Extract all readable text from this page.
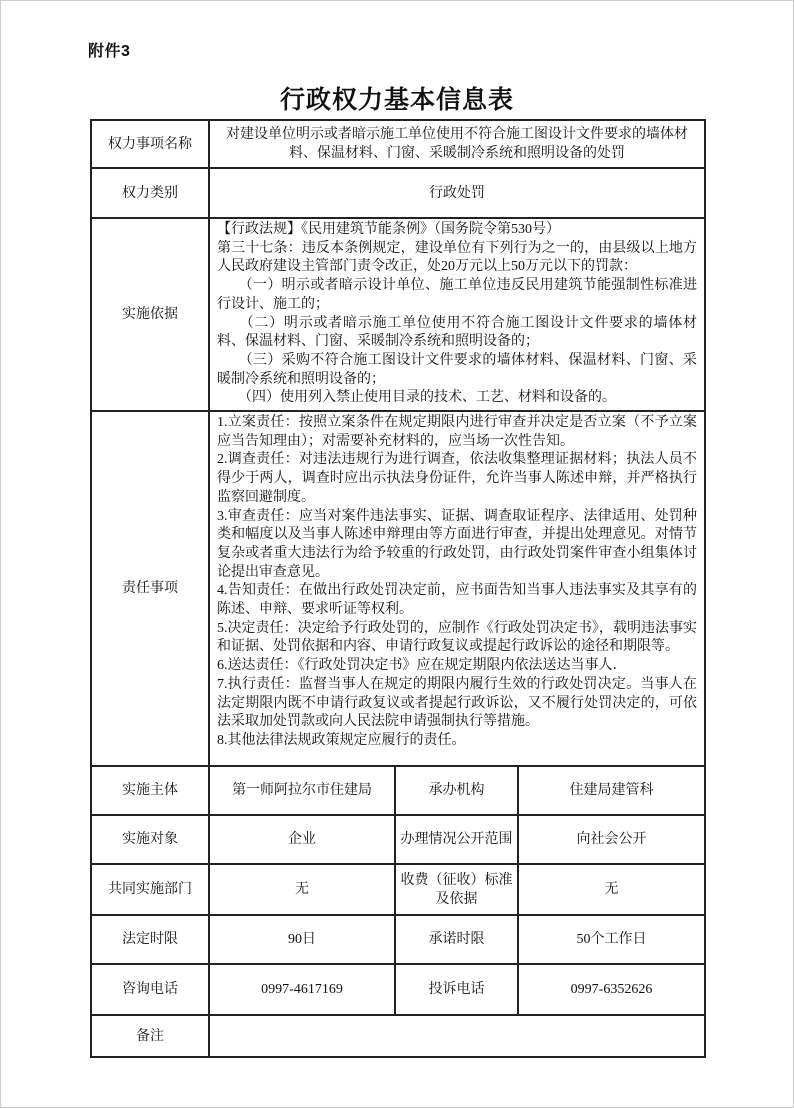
附件3
行政权力基本信息表
权力事项名称	对建设单位明示或者暗示施工单位使用不符合施工图设计文件要求的墙体材料、保温材料、门窗、采暖制冷系统和照明设备的处罚		
权力类别	行政处罚		
实施依据	
【行政法规】《民用建筑节能条例》（国务院令第530号）
第三十七条：违反本条例规定，建设单位有下列行为之一的，由县级以上地方人民政府建设主管部门责令改正，处20万元以上50万元以下的罚款：
　　（一）明示或者暗示设计单位、施工单位违反民用建筑节能强制性标准进行设计、施工的；
　　（二）明示或者暗示施工单位使用不符合施工图设计文件要求的墙体材料、保温材料、门窗、采暖制冷系统和照明设备的；
　　（三）采购不符合施工图设计文件要求的墙体材料、保温材料、门窗、采暖制冷系统和照明设备的；
　　（四）使用列入禁止使用目录的技术、工艺、材料和设备的。

责任事项	
1.立案责任：按照立案条件在规定期限内进行审查并决定是否立案（不予立案应当告知理由）；对需要补充材料的，应当场一次性告知。
2.调查责任：对违法违规行为进行调查，依法收集整理证据材料；执法人员不得少于两人，调查时应出示执法身份证件，允许当事人陈述申辩，并严格执行监察回避制度。
3.审查责任：应当对案件违法事实、证据、调查取证程序、法律适用、处罚种类和幅度以及当事人陈述申辩理由等方面进行审查，并提出处理意见。对情节复杂或者重大违法行为给予较重的行政处罚，由行政处罚案件审查小组集体讨论提出审查意见。
4.告知责任：在做出行政处罚决定前，应书面告知当事人违法事实及其享有的陈述、申辩、要求听证等权利。
5.决定责任：决定给予行政处罚的，应制作《行政处罚决定书》，载明违法事实和证据、处罚依据和内容、申请行政复议或提起行政诉讼的途径和期限等。
6.送达责任：《行政处罚决定书》应在规定期限内依法送达当事人．
7.执行责任：监督当事人在规定的期限内履行生效的行政处罚决定。当事人在法定期限内既不申请行政复议或者提起行政诉讼，又不履行处罚决定的，可依法采取加处罚款或向人民法院申请强制执行等措施。
8.其他法律法规政策规定应履行的责任。

实施主体	第一师阿拉尔市住建局	承办机构	住建局建管科
实施对象	企业	办理情况公开范围	向社会公开
共同实施部门	无	收费（征收）标准及依据	无
法定时限	90日	承诺时限	50个工作日
咨询电话	0997-4617169	投诉电话	0997-6352626
备注			
